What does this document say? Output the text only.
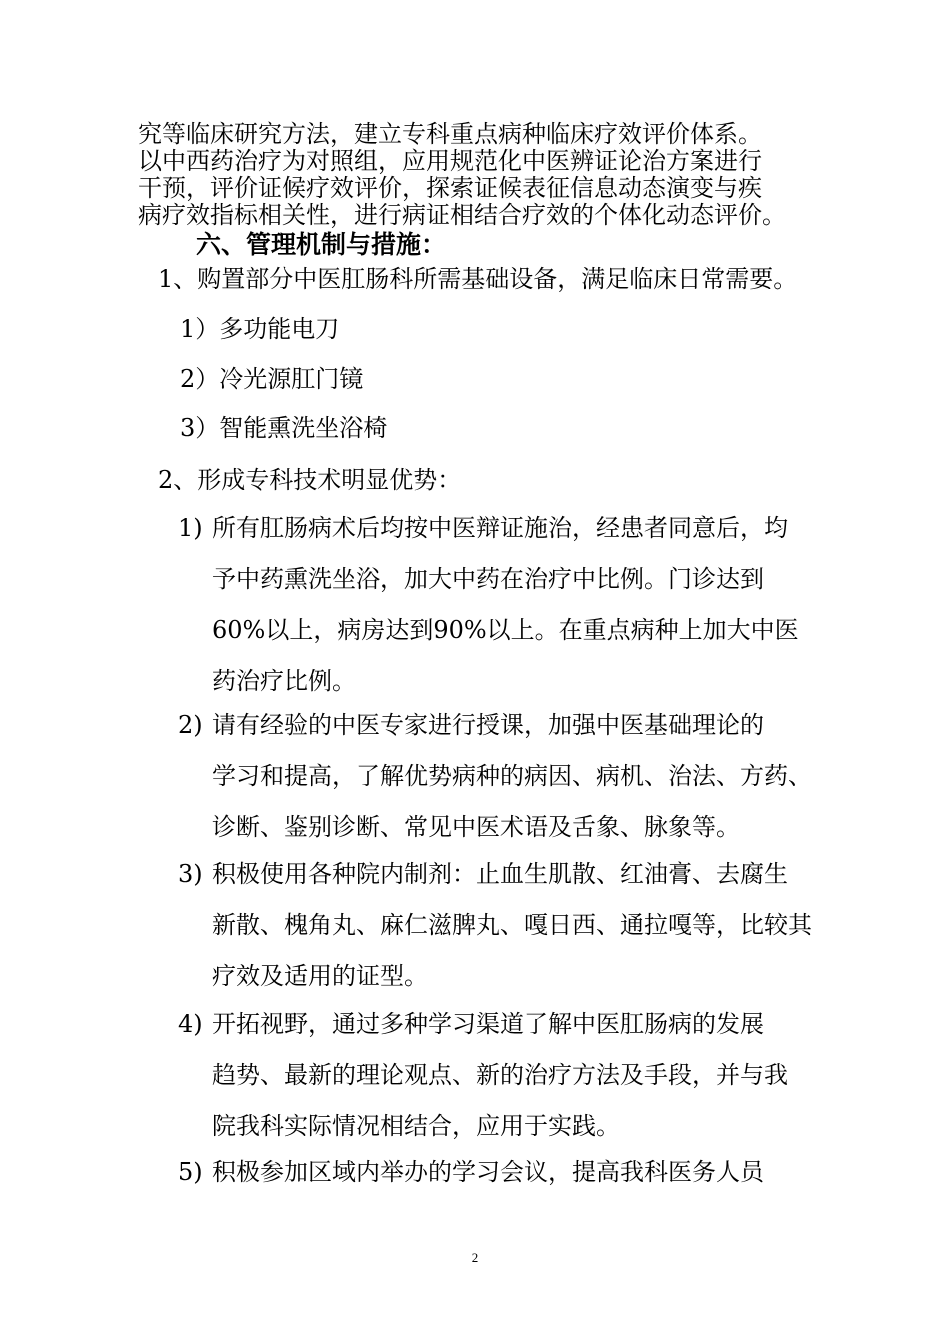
究等临床研究方法，建立专科重点病种临床疗效评价体系。
以中西药治疗为对照组，应用规范化中医辨证论治方案进行
干预，评价证候疗效评价，探索证候表征信息动态演变与疾
病疗效指标相关性，进行病证相结合疗效的个体化动态评价。
六、管理机制与措施：
1、购置部分中医肛肠科所需基础设备，满足临床日常需要。
1）多功能电刀
2）冷光源肛门镜
3）智能熏洗坐浴椅
2、形成专科技术明显优势：
1) 所有肛肠病术后均按中医辩证施治，经患者同意后，均
予中药熏洗坐浴，加大中药在治疗中比例。门诊达到
60%以上，病房达到90%以上。在重点病种上加大中医
药治疗比例。
2) 请有经验的中医专家进行授课，加强中医基础理论的
学习和提高，了解优势病种的病因、病机、治法、方药、
诊断、鉴别诊断、常见中医术语及舌象、脉象等。
3) 积极使用各种院内制剂：止血生肌散、红油膏、去腐生
新散、槐角丸、麻仁滋脾丸、嘎日西、通拉嘎等，比较其
疗效及适用的证型。
4) 开拓视野，通过多种学习渠道了解中医肛肠病的发展
趋势、最新的理论观点、新的治疗方法及手段，并与我
院我科实际情况相结合，应用于实践。
5) 积极参加区域内举办的学习会议，提高我科医务人员
2
